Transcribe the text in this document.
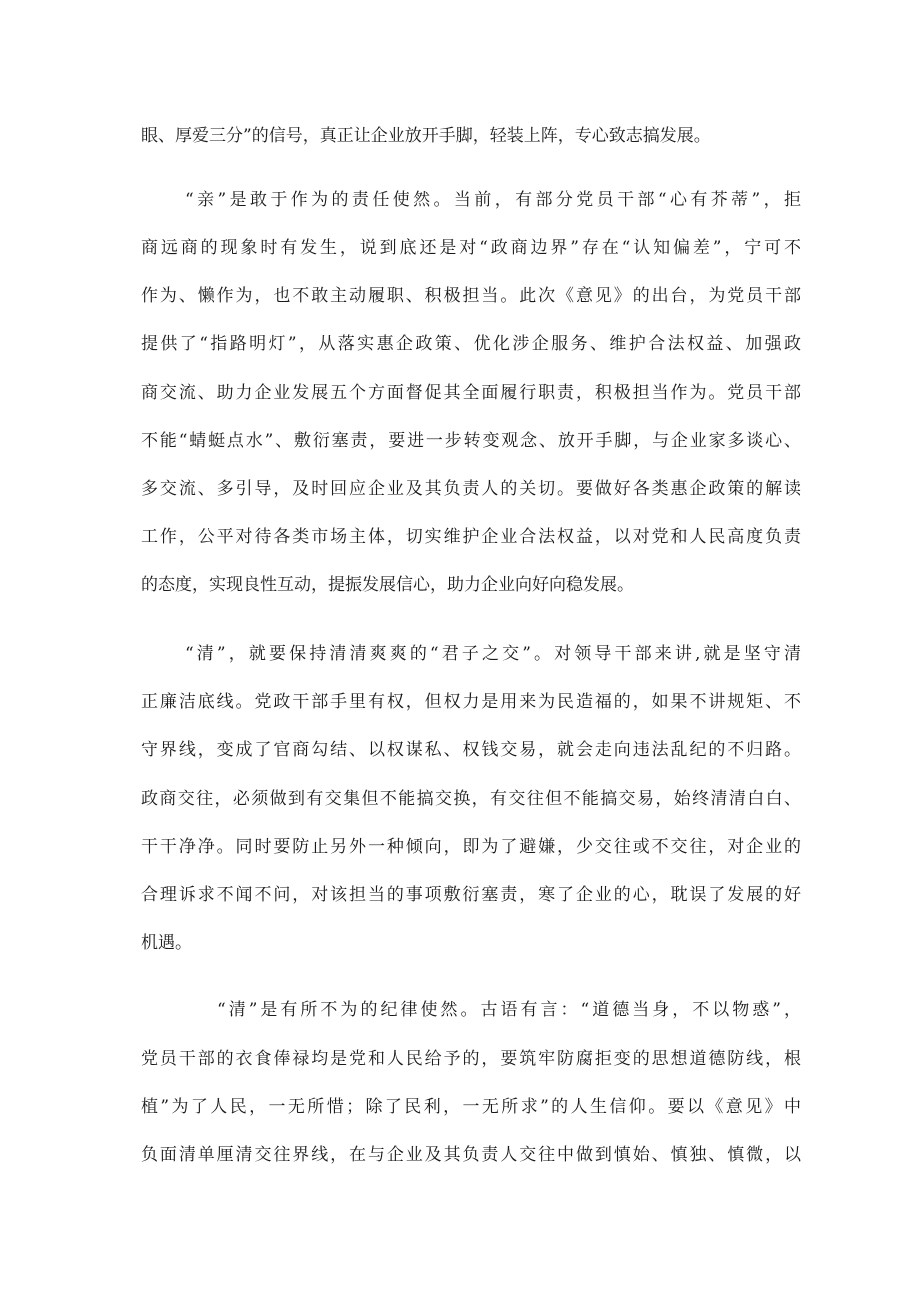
眼、厚爱三分”的信号，真正让企业放开手脚，轻装上阵，专心致志搞发展。

“亲”是敢于作为的责任使然。当前，有部分党员干部“心有芥蒂”，拒

商远商的现象时有发生，说到底还是对“政商边界”存在“认知偏差”，宁可不

作为、懒作为，也不敢主动履职、积极担当。此次《意见》的出台，为党员干部

提供了“指路明灯”，从落实惠企政策、优化涉企服务、维护合法权益、加强政

商交流、助力企业发展五个方面督促其全面履行职责，积极担当作为。党员干部

不能“蜻蜓点水”、敷衍塞责，要进一步转变观念、放开手脚，与企业家多谈心、

多交流、多引导，及时回应企业及其负责人的关切。要做好各类惠企政策的解读

工作，公平对待各类市场主体，切实维护企业合法权益，以对党和人民高度负责

的态度，实现良性互动，提振发展信心，助力企业向好向稳发展。

“清”，就要保持清清爽爽的“君子之交”。对领导干部来讲,就是坚守清

正廉洁底线。党政干部手里有权，但权力是用来为民造福的，如果不讲规矩、不

守界线，变成了官商勾结、以权谋私、权钱交易，就会走向违法乱纪的不归路。

政商交往，必须做到有交集但不能搞交换，有交往但不能搞交易，始终清清白白、

干干净净。同时要防止另外一种倾向，即为了避嫌，少交往或不交往，对企业的

合理诉求不闻不问，对该担当的事项敷衍塞责，寒了企业的心，耽误了发展的好

机遇。

“清”是有所不为的纪律使然。古语有言：“道德当身，不以物惑”，

党员干部的衣食俸禄均是党和人民给予的，要筑牢防腐拒变的思想道德防线，根

植”为了人民，一无所惜；除了民利，一无所求”的人生信仰。要以《意见》中

负面清单厘清交往界线，在与企业及其负责人交往中做到慎始、慎独、慎微，以
